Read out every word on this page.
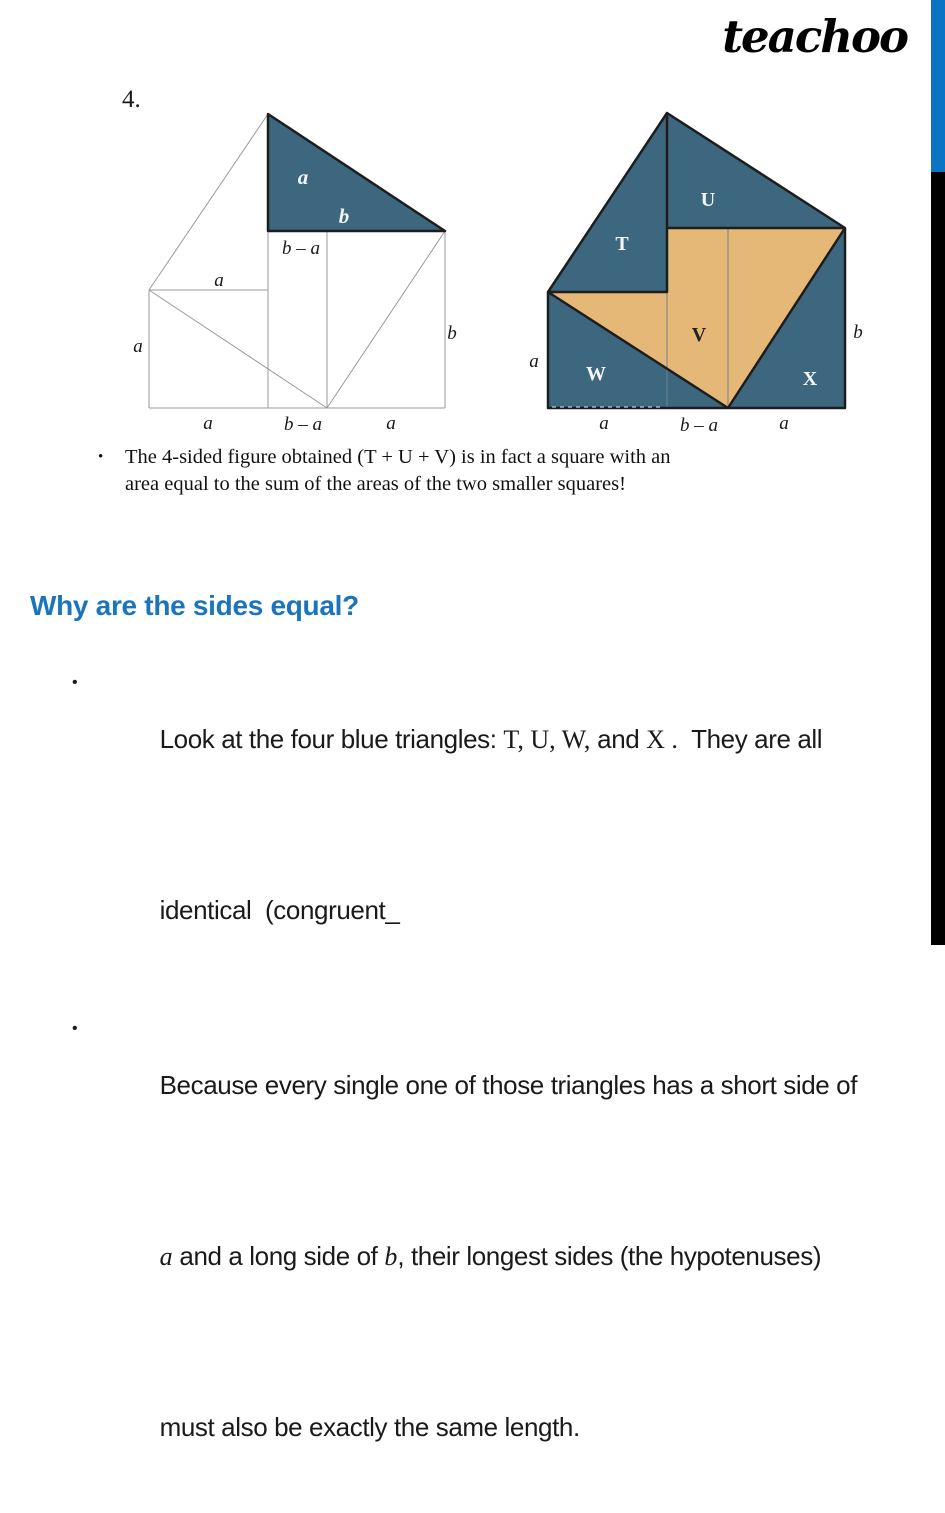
teachoo
4.
a
b
b – a
a
a
b
a	b – a	a
T
U
V
W	X
a
b
a	b – a	a
•	The 4-sided figure obtained (T + U + V) is in fact a square with an
area equal to the sum of the areas of the two smaller squares!
Why are the sides equal?
•

Look at the four blue triangles: T, U, W, and X .  They are all

identical  (congruent_

•

Because every single one of those triangles has a short side of

a and a long side of b, their longest sides (the hypotenuses)

must also be exactly the same length.
